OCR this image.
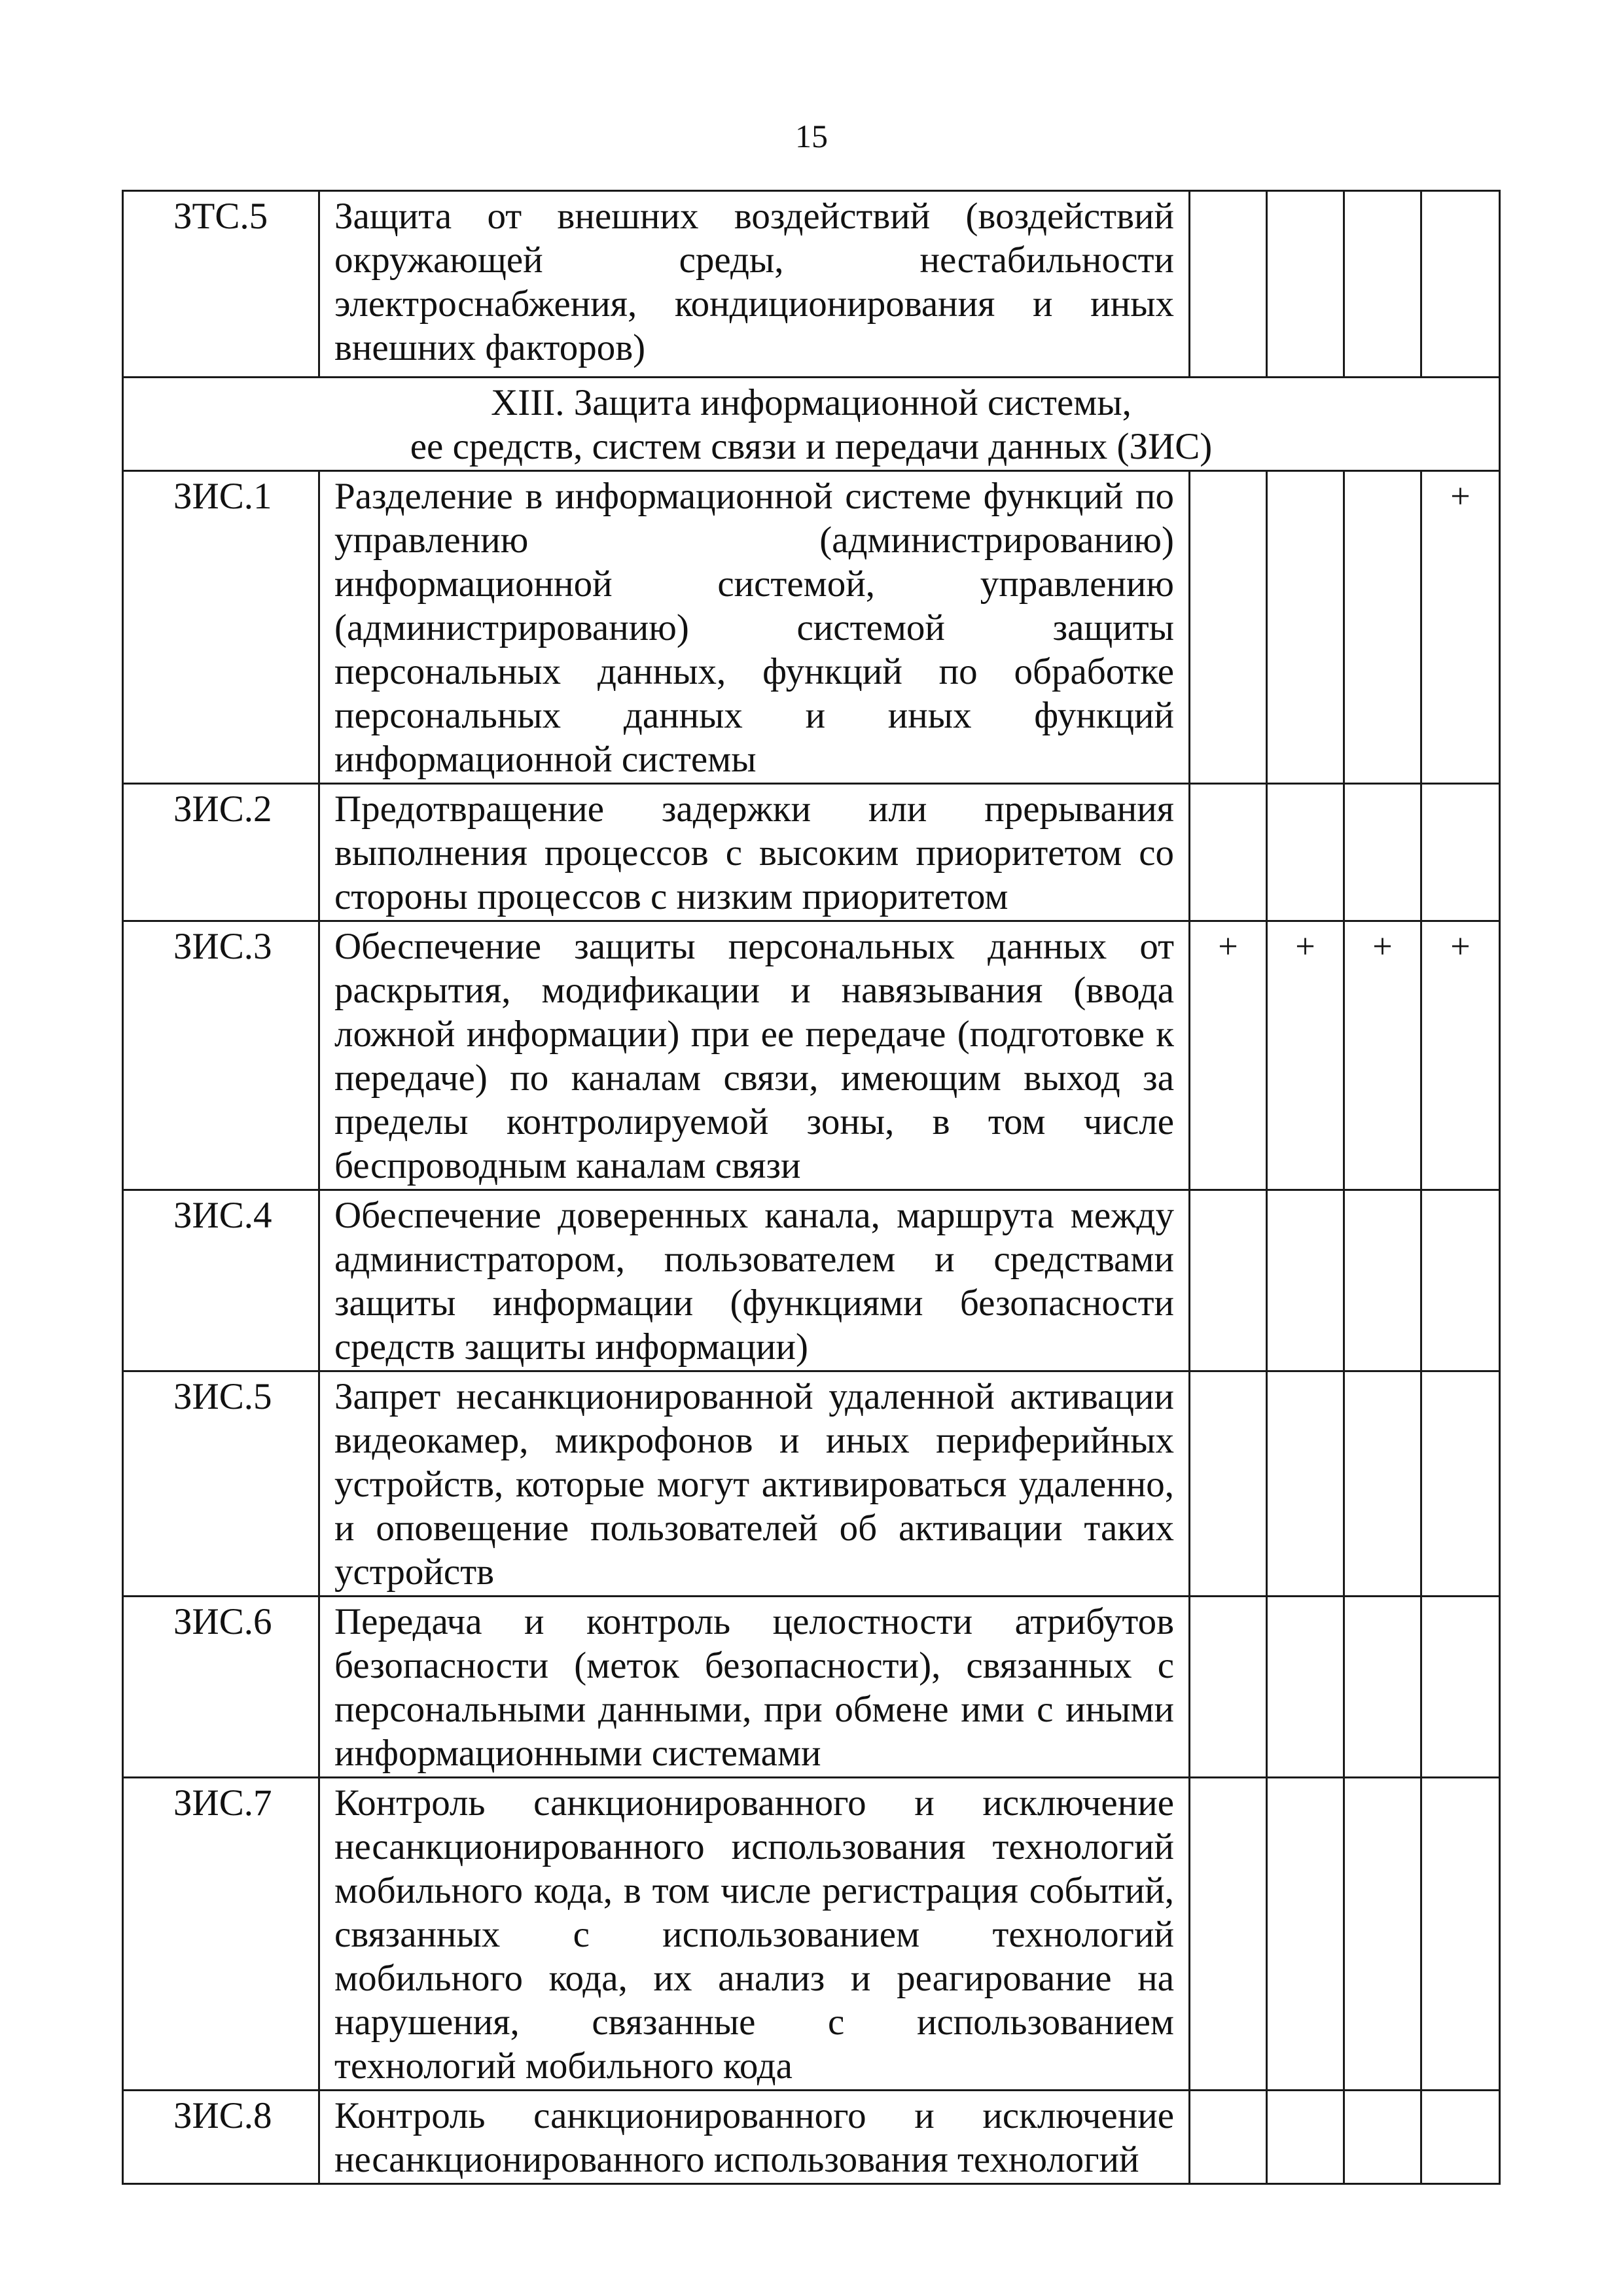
15
ЗТС.5	Защита от внешних воздействий (воздействий окружающей среды, нестабильности электроснабжения, кондиционирования и иных внешних факторов)				

XIII. Защита информационной системы,
ее средств, систем связи и передачи данных (ЗИС)					

ЗИС.1	Разделение в информационной системе функций по управлению (администрированию) информационной системой, управлению (администрированию) системой защиты персональных данных, функций по обработке персональных данных и иных функций информационной системы				+
ЗИС.2	Предотвращение задержки или прерывания выполнения процессов с высоким приоритетом со стороны процессов с низким приоритетом				
ЗИС.3	Обеспечение защиты персональных данных от раскрытия, модификации и навязывания (ввода ложной информации) при ее передаче (подготовке к передаче) по каналам связи, имеющим выход за пределы контролируемой зоны, в том числе беспроводным каналам связи	+	+	+	+
ЗИС.4	Обеспечение доверенных канала, маршрута между администратором, пользователем и средствами защиты информации (функциями безопасности средств защиты информации)				
ЗИС.5	Запрет несанкционированной удаленной активации видеокамер, микрофонов и иных периферийных устройств, которые могут активироваться удаленно, и оповещение пользователей об активации таких устройств				
ЗИС.6	Передача и контроль целостности атрибутов безопасности (меток безопасности), связанных с персональными данными, при обмене ими с иными информационными системами				
ЗИС.7	Контроль санкционированного и исключение несанкционированного использования технологий мобильного кода, в том числе регистрация событий, связанных с использованием технологий мобильного кода, их анализ и реагирование на нарушения, связанные с использованием технологий мобильного кода				
ЗИС.8	Контроль санкционированного и исключение несанкционированного использования технологий				
